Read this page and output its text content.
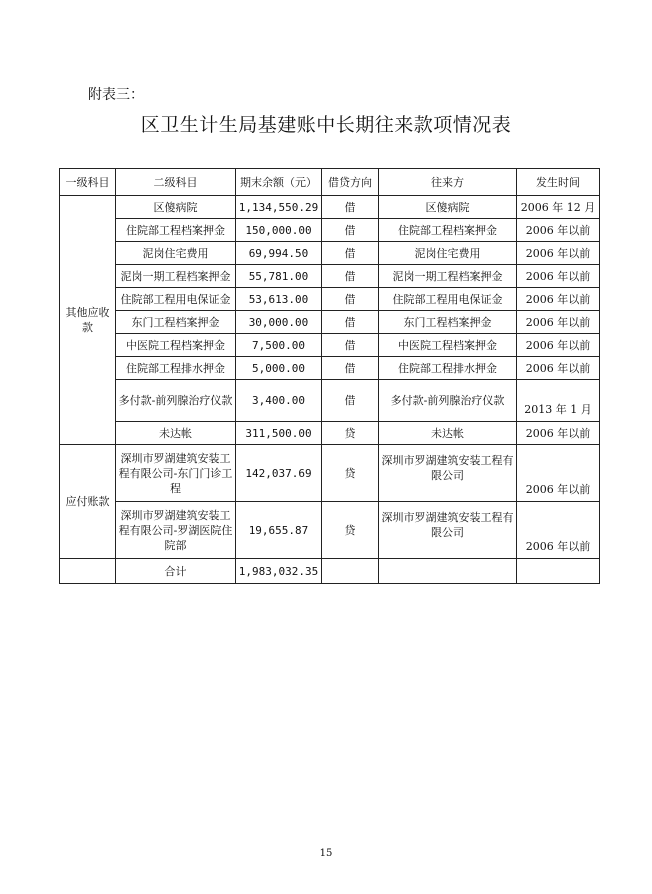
附表三：
区卫生计生局基建账中长期往来款项情况表
一级科目	二级科目	期末余额（元）	借贷方向	往来方	发生时间
其他应收款	区傻病院	1,134,550.29	借	区傻病院	2006 年 12 月
	住院部工程档案押金	150,000.00	借	住院部工程档案押金	2006 年以前
	泥岗住宅费用	69,994.50	借	泥岗住宅费用	2006 年以前
	泥岗一期工程档案押金	55,781.00	借	泥岗一期工程档案押金	2006 年以前
	住院部工程用电保证金	53,613.00	借	住院部工程用电保证金	2006 年以前
	东门工程档案押金	30,000.00	借	东门工程档案押金	2006 年以前
	中医院工程档案押金	7,500.00	借	中医院工程档案押金	2006 年以前
	住院部工程排水押金	5,000.00	借	住院部工程排水押金	2006 年以前
	多付款-前列腺治疗仪款	3,400.00	借	多付款-前列腺治疗仪款	2013 年 1 月
	未达帐	311,500.00	贷	未达帐	2006 年以前
应付账款	深圳市罗湖建筑安装工程有限公司-东门门诊工程	142,037.69	贷	深圳市罗湖建筑安装工程有限公司	2006 年以前
	深圳市罗湖建筑安装工程有限公司-罗湖医院住院部	19,655.87	贷	深圳市罗湖建筑安装工程有限公司	2006 年以前
	合计	1,983,032.35			
15
